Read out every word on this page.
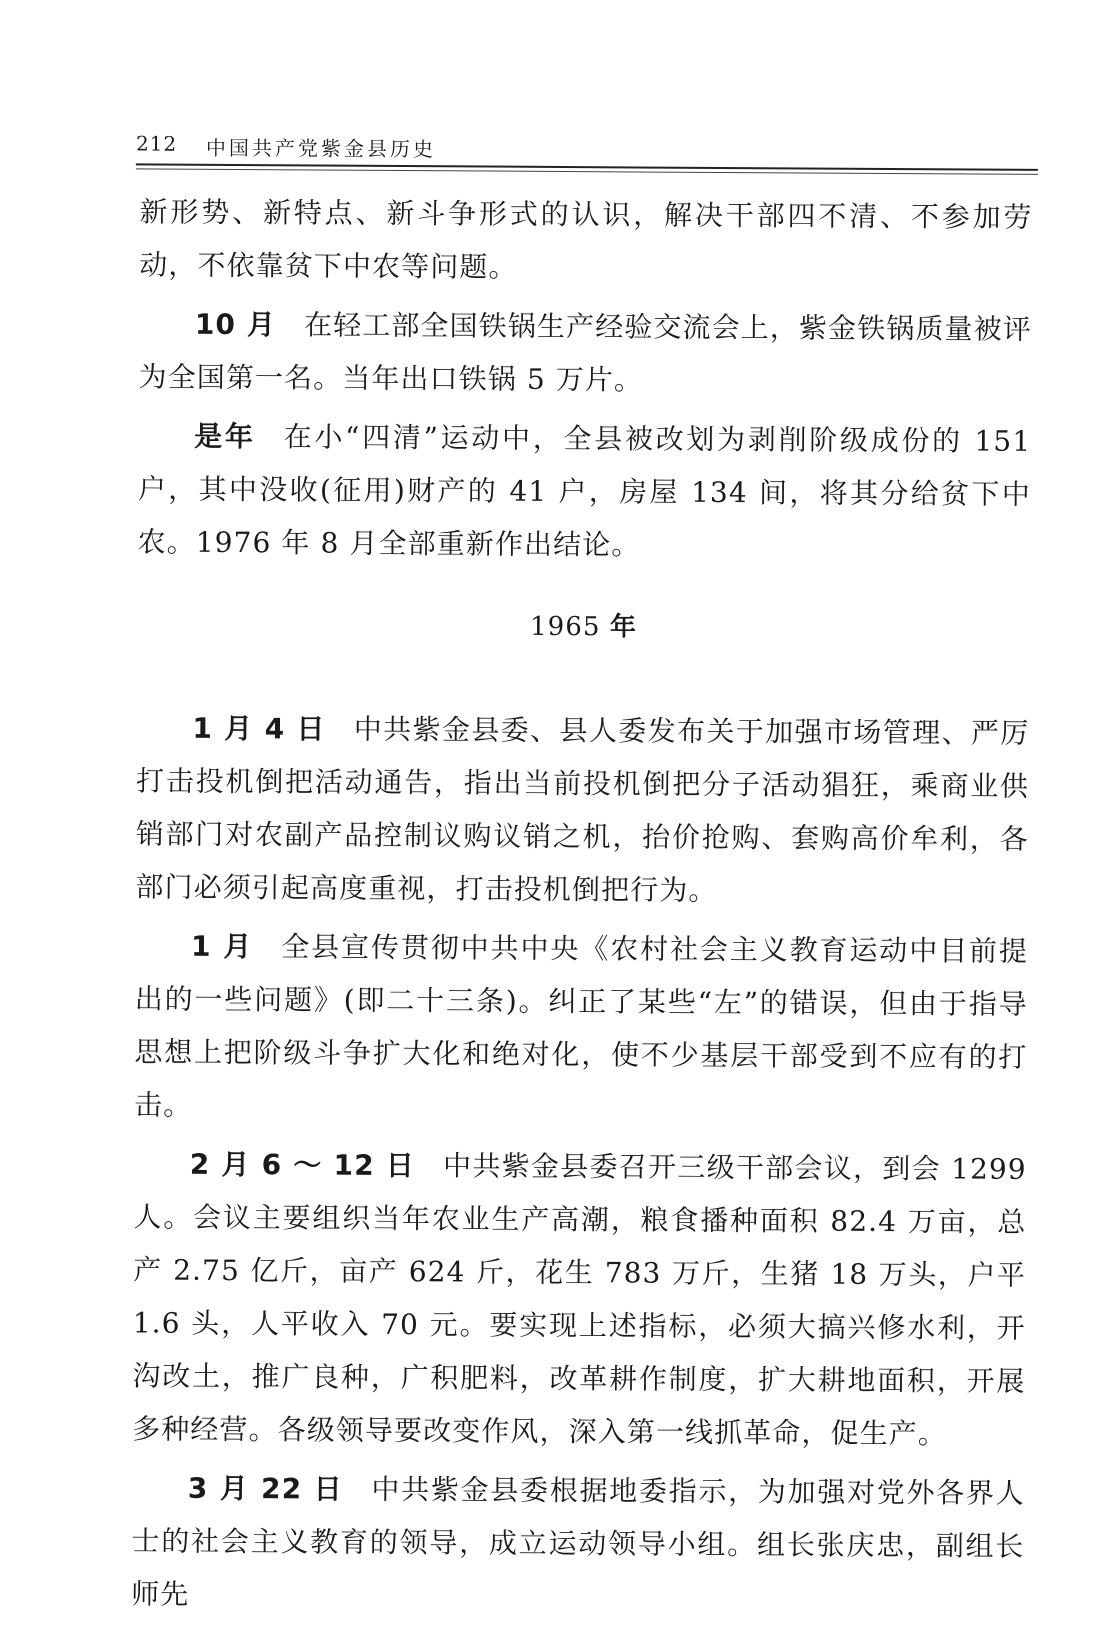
212 中国共产党紫金县历史

新形势、新特点、新斗争形式的认识，解决干部四不清、不参加劳动，不依靠贫下中农等问题。

10 月 在轻工部全国铁锅生产经验交流会上，紫金铁锅质量被评为全国第一名。当年出口铁锅 5 万片。

是年 在小“四清”运动中，全县被改划为剥削阶级成份的 151 户，其中没收(征用)财产的 41 户，房屋 134 间，将其分给贫下中农。1976 年 8 月全部重新作出结论。

1965 年

1 月 4 日 中共紫金县委、县人委发布关于加强市场管理、严厉打击投机倒把活动通告，指出当前投机倒把分子活动猖狂，乘商业供销部门对农副产品控制议购议销之机，抬价抢购、套购高价牟利，各部门必须引起高度重视，打击投机倒把行为。

1 月 全县宣传贯彻中共中央《农村社会主义教育运动中目前提出的一些问题》(即二十三条)。纠正了某些“左”的错误，但由于指导思想上把阶级斗争扩大化和绝对化，使不少基层干部受到不应有的打击。

2 月 6 ～ 12 日 中共紫金县委召开三级干部会议，到会 1299 人。会议主要组织当年农业生产高潮，粮食播种面积 82.4 万亩，总产 2.75 亿斤，亩产 624 斤，花生 783 万斤，生猪 18 万头，户平 1.6 头，人平收入 70 元。要实现上述指标，必须大搞兴修水利，开沟改土，推广良种，广积肥料，改革耕作制度，扩大耕地面积，开展多种经营。各级领导要改变作风，深入第一线抓革命，促生产。

3 月 22 日 中共紫金县委根据地委指示，为加强对党外各界人士的社会主义教育的领导，成立运动领导小组。组长张庆忠，副组长师先
